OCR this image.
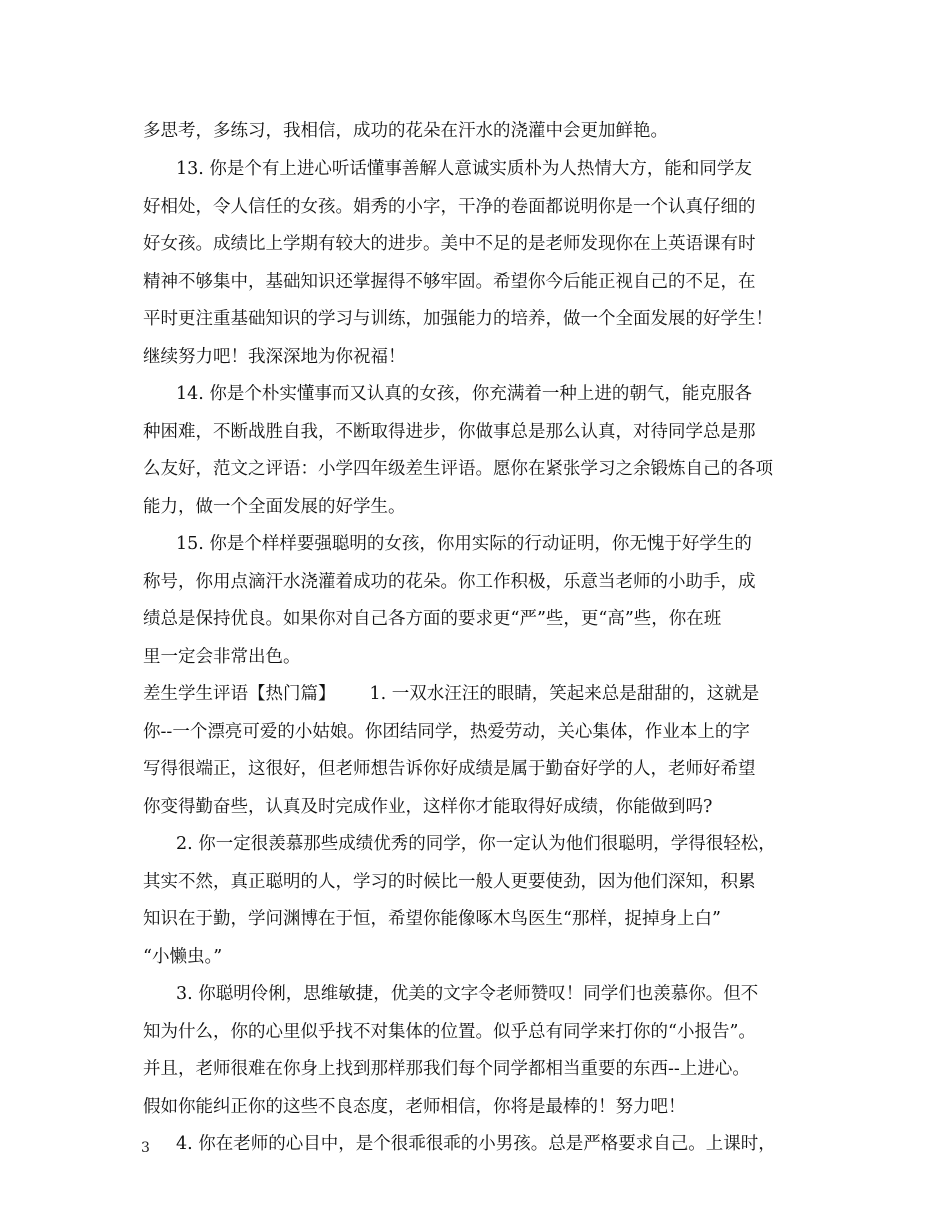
多思考，多练习，我相信，成功的花朵在汗水的浇灌中会更加鲜艳。
13. 你是个有上进心听话懂事善解人意诚实质朴为人热情大方，能和同学友
好相处，令人信任的女孩。娟秀的小字，干净的卷面都说明你是一个认真仔细的
好女孩。成绩比上学期有较大的进步。美中不足的是老师发现你在上英语课有时
精神不够集中，基础知识还掌握得不够牢固。希望你今后能正视自己的不足，在
平时更注重基础知识的学习与训练，加强能力的培养，做一个全面发展的好学生！
继续努力吧！我深深地为你祝福！
14. 你是个朴实懂事而又认真的女孩，你充满着一种上进的朝气，能克服各
种困难，不断战胜自我，不断取得进步，你做事总是那么认真，对待同学总是那
么友好，范文之评语：小学四年级差生评语。愿你在紧张学习之余锻炼自己的各项
能力，做一个全面发展的好学生。
15. 你是个样样要强聪明的女孩，你用实际的行动证明，你无愧于好学生的
称号，你用点滴汗水浇灌着成功的花朵。你工作积极，乐意当老师的小助手，成
绩总是保持优良。如果你对自己各方面的要求更“严”些，更“高”些，你在班
里一定会非常出色。
差生学生评语【热门篇】 1. 一双水汪汪的眼睛，笑起来总是甜甜的，这就是
你--一个漂亮可爱的小姑娘。你团结同学，热爱劳动，关心集体，作业本上的字
写得很端正，这很好，但老师想告诉你好成绩是属于勤奋好学的人，老师好希望
你变得勤奋些，认真及时完成作业，这样你才能取得好成绩，你能做到吗?
2. 你一定很羡慕那些成绩优秀的同学，你一定认为他们很聪明，学得很轻松，
其实不然，真正聪明的人，学习的时候比一般人更要使劲，因为他们深知，积累
知识在于勤，学问渊博在于恒，希望你能像啄木鸟医生“那样，捉掉身上白”
“小懒虫。”
3. 你聪明伶俐，思维敏捷，优美的文字令老师赞叹！同学们也羡慕你。但不
知为什么，你的心里似乎找不对集体的位置。似乎总有同学来打你的“小报告”。
并且，老师很难在你身上找到那样那我们每个同学都相当重要的东西--上进心。
假如你能纠正你的这些不良态度，老师相信，你将是最棒的！努力吧！
4. 你在老师的心目中，是个很乖很乖的小男孩。总是严格要求自己。上课时，
3
